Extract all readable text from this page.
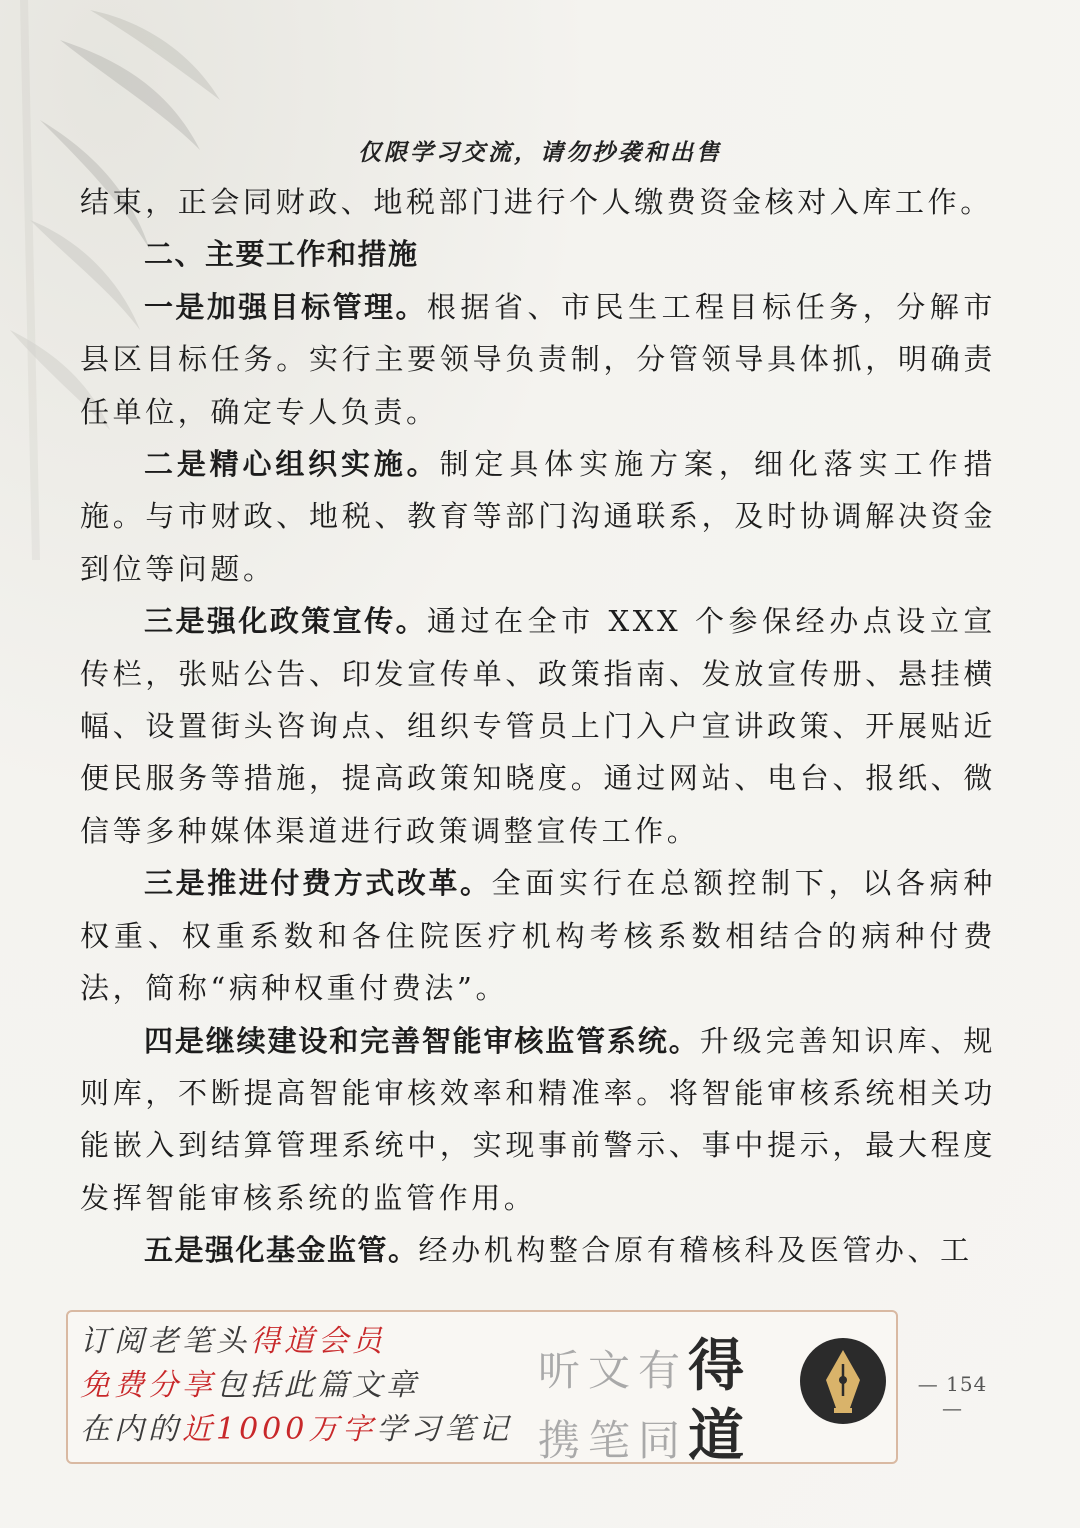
仅限学习交流，请勿抄袭和出售

结束，正会同财政、地税部门进行个人缴费资金核对入库工作。

二、主要工作和措施

一是加强目标管理。根据省、市民生工程目标任务，分解市县区目标任务。实行主要领导负责制，分管领导具体抓，明确责任单位，确定专人负责。

二是精心组织实施。制定具体实施方案，细化落实工作措施。与市财政、地税、教育等部门沟通联系，及时协调解决资金到位等问题。

三是强化政策宣传。通过在全市 XXX 个参保经办点设立宣传栏，张贴公告、印发宣传单、政策指南、发放宣传册、悬挂横幅、设置街头咨询点、组织专管员上门入户宣讲政策、开展贴近便民服务等措施，提高政策知晓度。通过网站、电台、报纸、微信等多种媒体渠道进行政策调整宣传工作。

三是推进付费方式改革。全面实行在总额控制下，以各病种权重、权重系数和各住院医疗机构考核系数相结合的病种付费法，简称“病种权重付费法”。

四是继续建设和完善智能审核监管系统。升级完善知识库、规则库，不断提高智能审核效率和精准率。将智能审核系统相关功能嵌入到结算管理系统中，实现事前警示、事中提示，最大程度发挥智能审核系统的监管作用。

五是强化基金监管。经办机构整合原有稽核科及医管办、工

订阅老笔头得道会员
免费分享包括此篇文章
在内的近1000万字学习笔记
听文有得
携笔同道
— 154 —
